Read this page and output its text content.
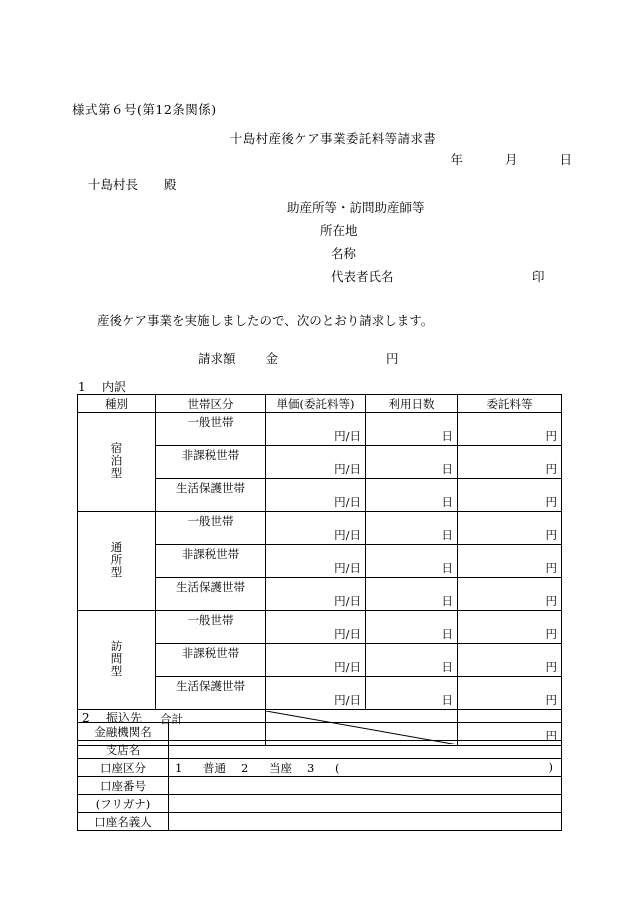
様式第６号(第12条関係)
十島村産後ケア事業委託料等請求書
年	月	日
十島村長 殿
助産所等・訪問助産師等
所在地
名称
代表者氏名	印
産後ケア事業を実施しましたので、次のとおり請求します。
請求額 金	円
1 内訳
種別	世帯区分	単価(委託料等)	利用日数	委託料等
宿泊型	一般世帯	円/日	日	円
	非課税世帯	円/日	日	円
	生活保護世帯	円/日	日	円
通所型	一般世帯	円/日	日	円
	非課税世帯	円/日	日	円
	生活保護世帯	円/日	日	円
訪問型	一般世帯	円/日	日	円
	非課税世帯	円/日	日	円
	生活保護世帯	円/日	日	円
合計				円
2 振込先
金融機関名	
支店名	
口座区分	1 普通 2 当座 3 ( )

口座番号	
(フリガナ)	
口座名義人	
